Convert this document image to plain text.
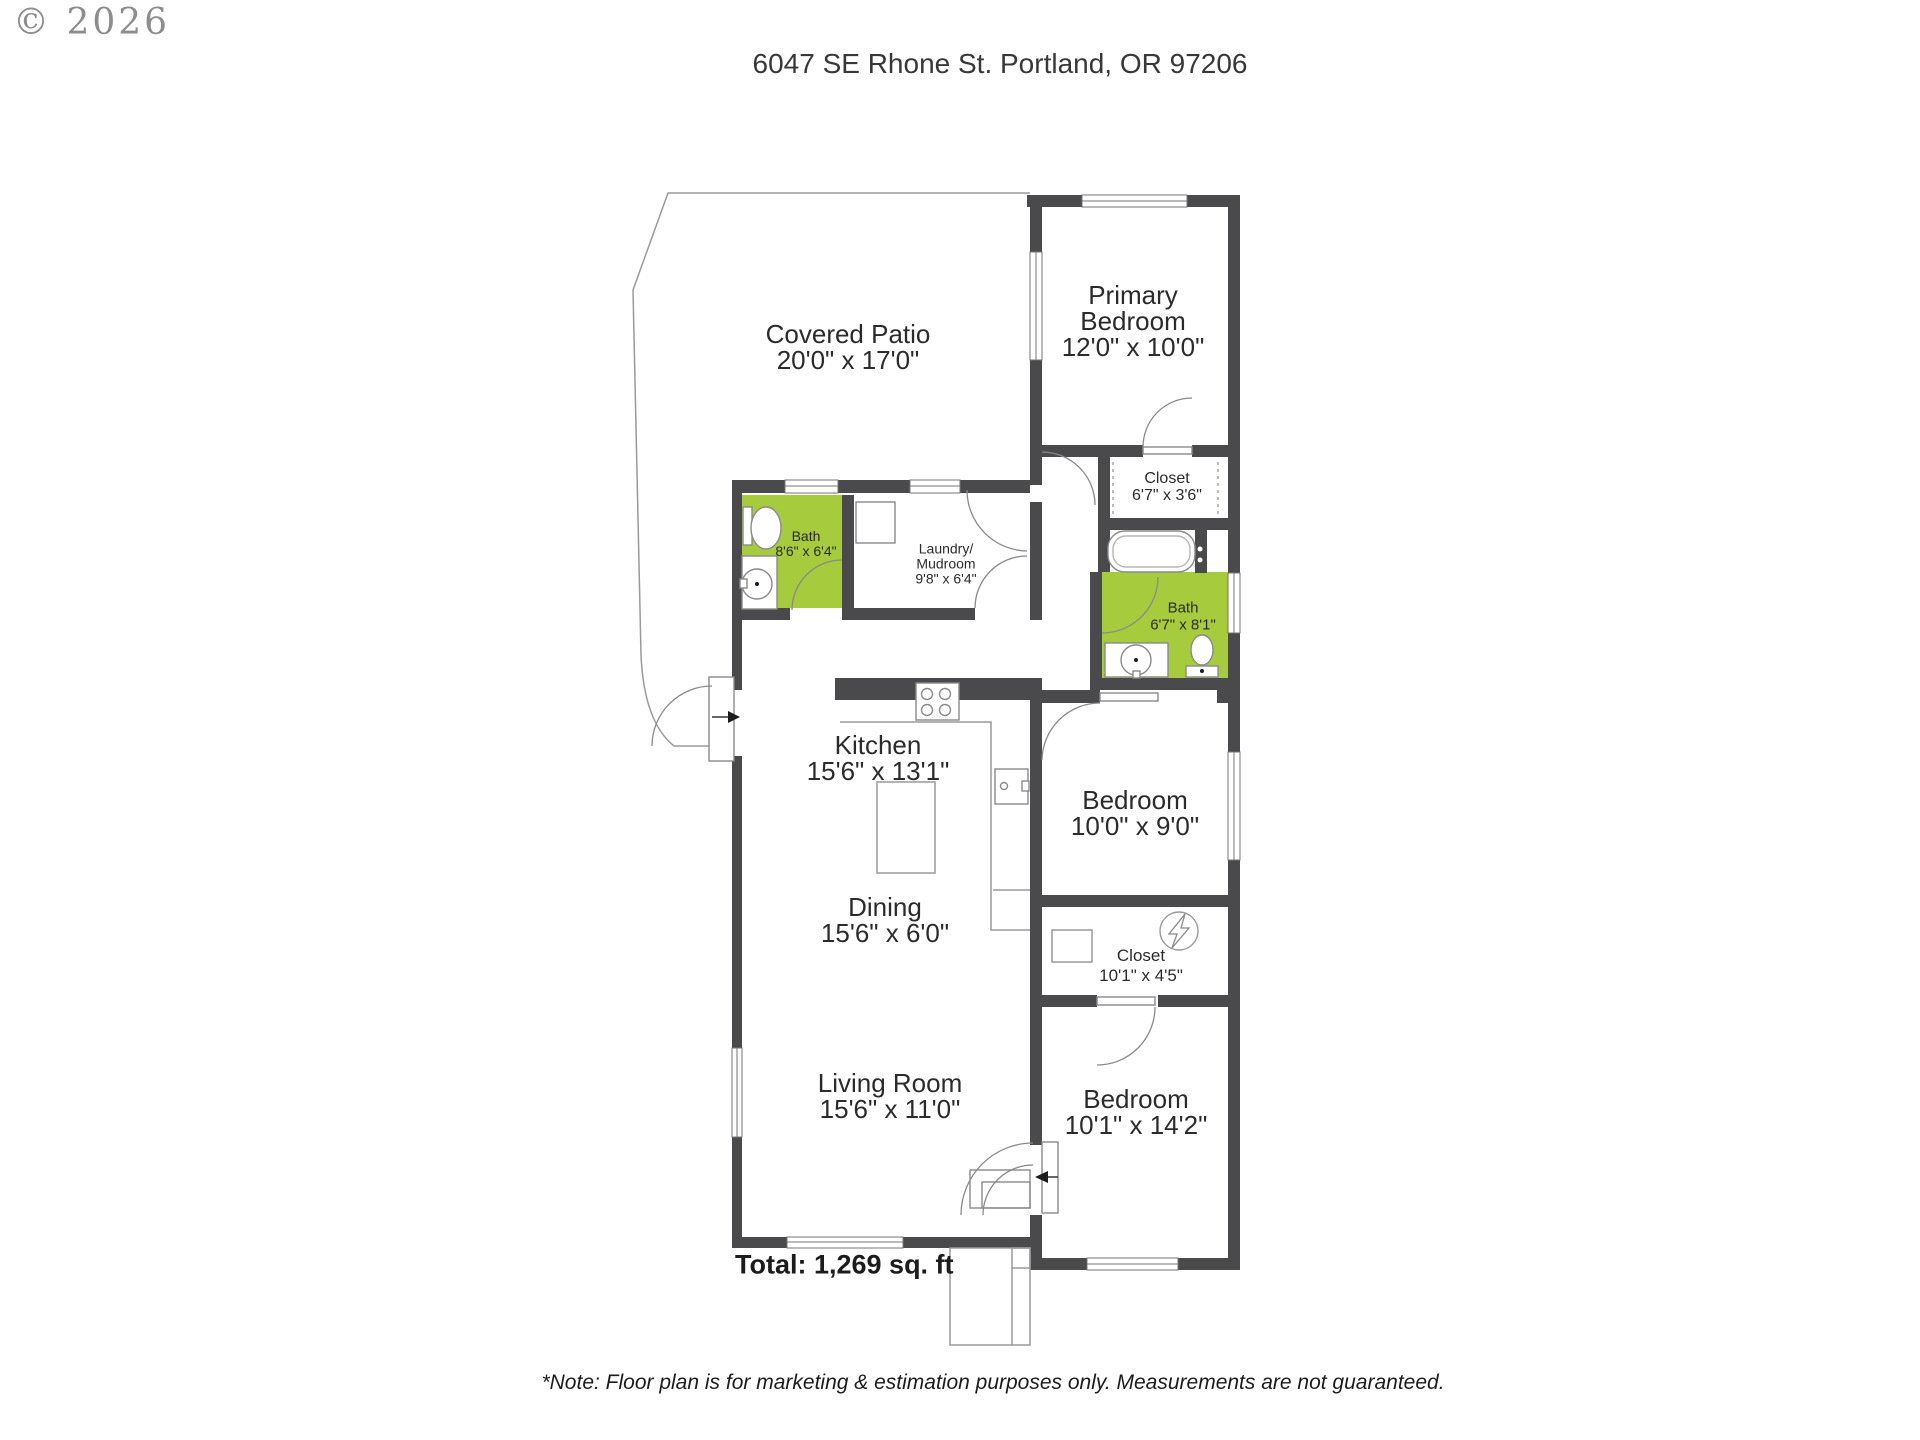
© 2026
6047 SE Rhone St. Portland, OR 97206
Covered Patio
20'0" x 17'0"
Primary Bedroom
12'0" x 10'0"
Closet
6'7" x 3'6"
Bath
8'6" x 6'4"	Laundry/
Mudroom
9'8" x 6'4"
Bath
6'7" x 8'1"
Kitchen
15'6" x 13'1"
Bedroom
10'0" x 9'0"
Dining
15'6" x 6'0"
Closet
10'1" x 4'5"
Living Room
15'6" x 11'0"	Bedroom
10'1" x 14'2"
Total: 1,269 sq. ft
*Note: Floor plan is for marketing & estimation purposes only. Measurements are not guaranteed.
